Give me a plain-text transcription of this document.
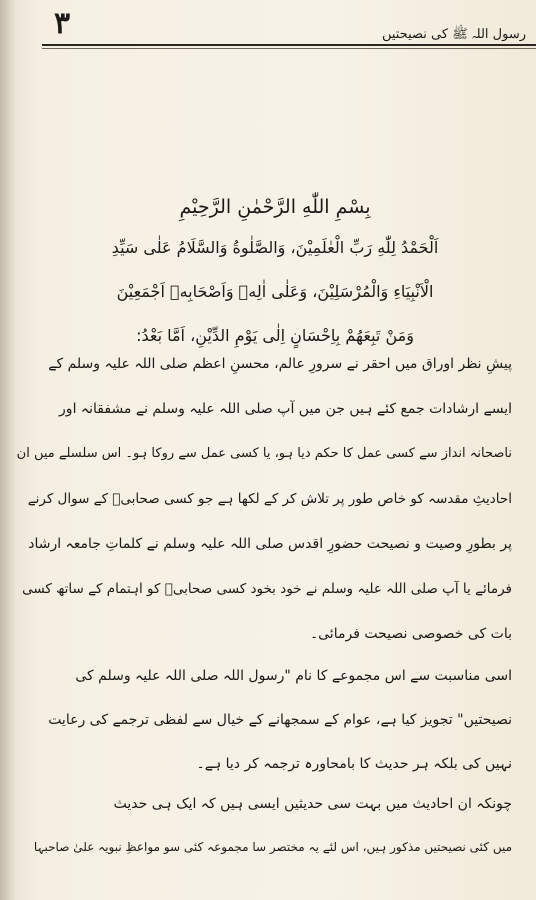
۳	رسول اللہ ﷺ کی نصیحتیں
بِسْمِ اللّٰهِ الرَّحْمٰنِ الرَّحِيْمِ
اَلْحَمْدُ لِلّٰهِ رَبِّ الْعٰلَمِيْنَ، وَالصَّلٰوةُ وَالسَّلَامُ عَلٰى سَيِّدِ
الْاَنْبِيَاءِ وَالْمُرْسَلِيْنَ، وَعَلٰى اٰلِهٖ وَاَصْحَابِهٖ اَجْمَعِيْنَ
وَمَنْ تَبِعَهُمْ بِاِحْسَانٍ اِلٰى يَوْمِ الدِّيْنِ، اَمَّا بَعْدُ:
پیشِ نظر اوراق میں احقر نے سرورِ عالم، محسنِ اعظم صلی اللہ علیہ وسلم کے
ایسے ارشادات جمع کئے ہیں جن میں آپ صلی اللہ علیہ وسلم نے مشفقانہ اور
ناصحانہ انداز سے کسی عمل کا حکم دیا ہو، یا کسی عمل سے روکا ہو۔ اس سلسلے میں ان
احادیثِ مقدسہ کو خاص طور پر تلاش کر کے لکھا ہے جو کسی صحابیؓ کے سوال کرنے
پر بطورِ وصیت و نصیحت حضورِ اقدس صلی اللہ علیہ وسلم نے کلماتِ جامعہ ارشاد
فرمائے یا آپ صلی اللہ علیہ وسلم نے خود بخود کسی صحابیؓ کو اہتمام کے ساتھ کسی
بات کی خصوصی نصیحت فرمائی۔
اسی مناسبت سے اس مجموعے کا نام "رسول اللہ صلی اللہ علیہ وسلم کی
نصیحتیں" تجویز کیا ہے، عوام کے سمجھانے کے خیال سے لفظی ترجمے کی رعایت
نہیں کی بلکہ ہر حدیث کا بامحاورہ ترجمہ کر دیا ہے۔
چونکہ ان احادیث میں بہت سی حدیثیں ایسی ہیں کہ ایک ہی حدیث
میں کئی نصیحتیں مذکور ہیں، اس لئے یہ مختصر سا مجموعہ کئی سو مواعظِ نبویہ علیٰ صاحبہا
